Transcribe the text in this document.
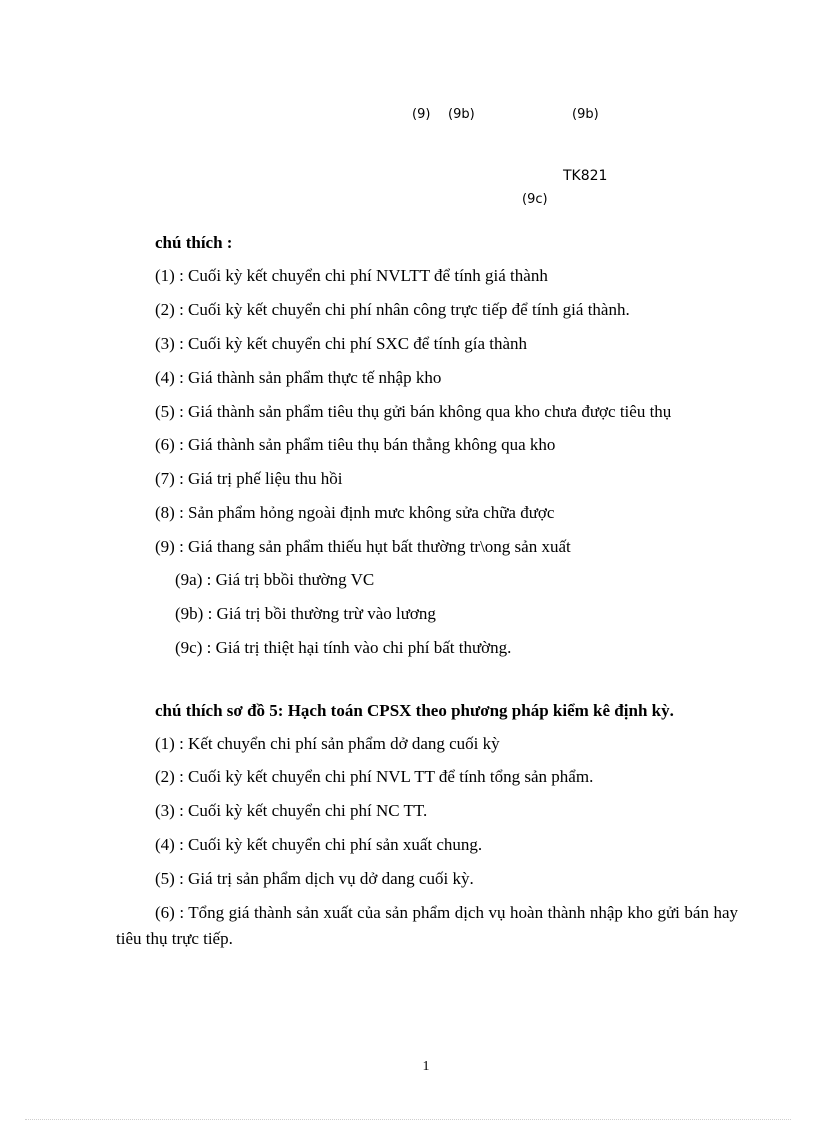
(9) (9b)	(9b)
TK821
(9c)
chú thích :
(1) : Cuối kỳ kết chuyển chi phí NVLTT để tính giá thành
(2) : Cuối kỳ kết chuyển chi phí nhân công trực tiếp để tính giá thành.
(3) : Cuối kỳ kết chuyển chi phí SXC để tính gía thành
(4) : Giá thành sản phẩm thực tế nhập kho
(5) : Giá thành sản phẩm tiêu thụ gửi bán không qua kho chưa được tiêu thụ
(6) : Giá thành sản phẩm tiêu thụ bán thẳng không qua kho
(7) : Giá trị phế liệu thu hồi
(8) : Sản phẩm hỏng ngoài định mưc không sửa chữa được
(9) : Giá thang sản phẩm thiếu hụt bất thường tr\ong sản xuất
(9a) : Giá trị bbồi thường VC
(9b) : Giá trị bồi thường trừ vào lương
(9c) : Giá trị thiệt hại tính vào chi phí bất thường.
chú thích sơ đồ 5: Hạch toán CPSX theo phương pháp kiểm kê định kỳ.
(1) : Kết chuyển chi phí sản phẩm dở dang cuối kỳ
(2) : Cuối kỳ kết chuyển chi phí NVL TT để tính tổng sản phẩm.
(3) : Cuối kỳ kết chuyển chi phí NC TT.
(4) : Cuối kỳ kết chuyển chi phí sản xuất chung.
(5) : Giá trị sản phẩm dịch vụ dở dang cuối kỳ.
(6) : Tổng giá thành sản xuất của sản phẩm dịch vụ hoàn thành nhập kho gửi bán hay tiêu thụ trực tiếp.
1
